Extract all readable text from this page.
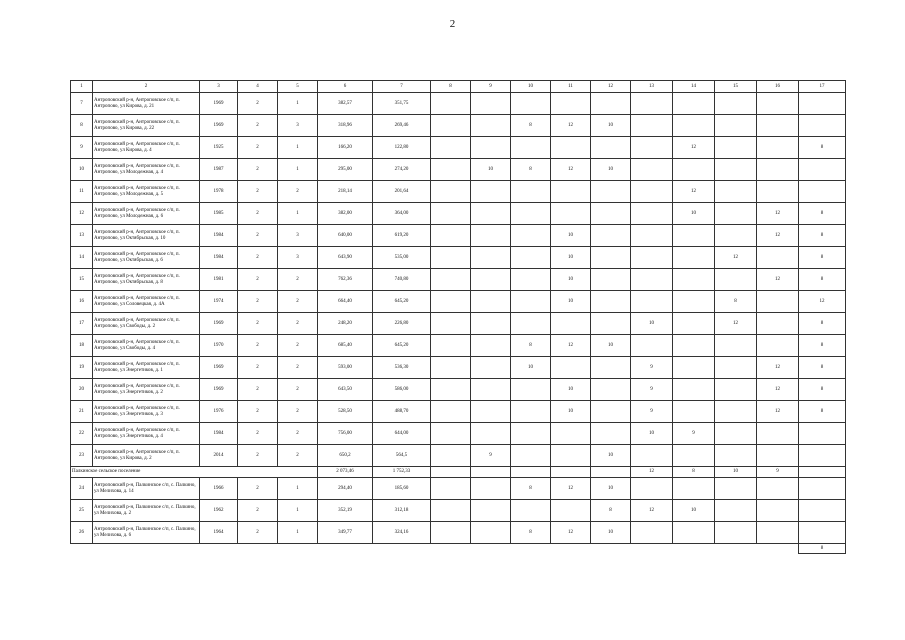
2
1	2	3	4	5	6	7	8	9	10	11	12	13	14	15	16	17	
7	Антроповский р-н, Антроповское с/п, п. Антропово, ул Кирова, д. 21	1969	2	1	382,57	351,75											
8	Антроповский р-н, Антроповское с/п, п. Антропово, ул Кирова, д. 22	1969	2	3	318,96	269,46			8	12	10						
9	Антроповский р-н, Антроповское с/п, п. Антропово, ул Кирова, д. 4	1925	2	1	166,20	122,80							12			8	
10	Антроповский р-н, Антроповское с/п, п. Антропово, ул Молодежная, д. 4	1987	2	1	295,00	274,20		10	8	12	10						
11	Антроповский р-н, Антроповское с/п, п. Антропово, ул Молодежная, д. 5	1978	2	2	218,14	201,64							12				
12	Антроповский р-н, Антроповское с/п, п. Антропово, ул Молодежная, д. 6	1985	2	1	382,00	364,00							10		12	8	
13	Антроповский р-н, Антроповское с/п, п. Антропово, ул Октябрьская, д. 10	1984	2	3	640,00	619,20				10					12	8	
14	Антроповский р-н, Антроповское с/п, п. Антропово, ул Октябрьская, д. 6	1984	2	3	643,90	535,00				10				12		8	
15	Антроповский р-н, Антроповское с/п, п. Антропово, ул Октябрьская, д. 8	1981	2	2	762,36	740,80				10					12	8	
16	Антроповский р-н, Антроповское с/п, п. Антропово, ул Соловецкая, д. 4А	1974	2	2	664,40	645,20				10				8		12	
17	Антроповский р-н, Антроповское с/п, п. Антропово, ул Свободы, д. 2	1969	2	2	248,20	226,80						10		12		8	
18	Антроповский р-н, Антроповское с/п, п. Антропово, ул Свободы, д. 4	1970	2	2	685,40	645,20			8	12	10					8	
19	Антроповский р-н, Антроповское с/п, п. Антропово, ул Энергетиков, д. 1	1969	2	2	593,00	536,30			10			9			12	8	
20	Антроповский р-н, Антроповское с/п, п. Антропово, ул Энергетиков, д. 2	1969	2	2	643,50	586,00				10		9			12	8	
21	Антроповский р-н, Антроповское с/п, п. Антропово, ул Энергетиков, д. 3	1976	2	2	528,50	488,70				10		9			12	8	
22	Антроповский р-н, Антроповское с/п, п. Антропово, ул Энергетиков, д. 4	1984	2	2	756,00	644,00						10	9				
23	Антроповский р-н, Антроповское с/п, п. Антропово, ул Кирова, д. 2	2014	2	2	650,2	564,5		9			10						
Палкинское сельское поселение					2 073,46	1 752,33						12	8	10	9		
24	Антроповский р-н, Палкинское с/п, с. Палкино, ул Мелихова, д. 14	1966	2	1	294,40	185,60			8	12	10						
25	Антроповский р-н, Палкинское с/п, с. Палкино, ул Мелихова, д. 2	1962	2	1	352,19	312,18					8	12	10				
26	Антроповский р-н, Палкинское с/п, с. Палкино, ул Мелихова, д. 6	1964	2	1	349,77	324,16			8	12	10						
																8	
